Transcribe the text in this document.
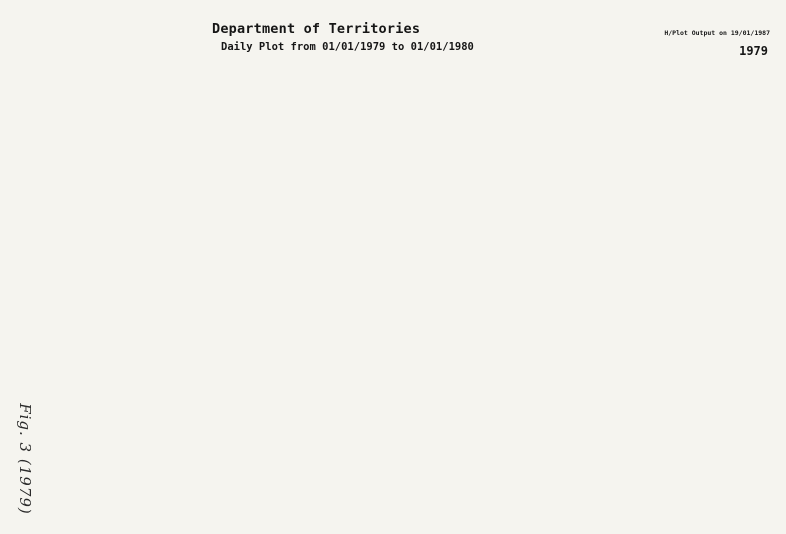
Department of Territories
Daily Plot from 01/01/1979 to 01/01/1980
H/Plot Output on 19/01/1987
1979
Fig. 3 (1979)
